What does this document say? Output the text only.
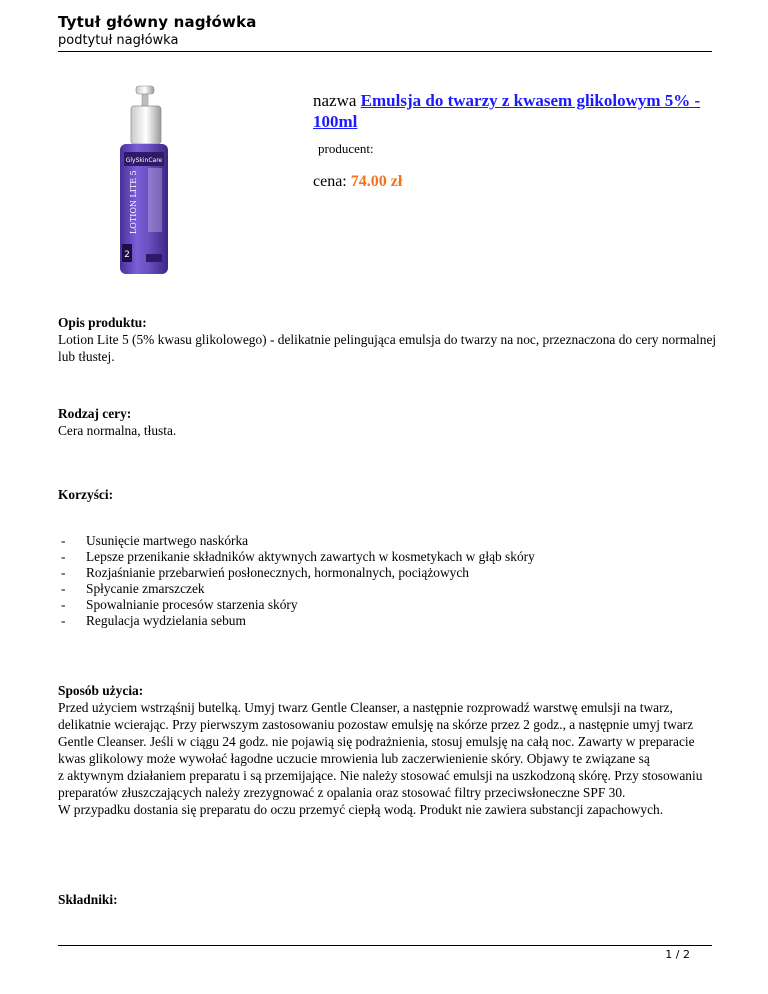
Tytuł główny nagłówka
podtytuł nagłówka
GlySkinCare
LOTION LITE 5
2
nazwa Emulsja do twarzy z kwasem glikolowym 5% - 100ml
producent:
cena: 74.00 zł
Opis produktu:

Lotion Lite 5 (5% kwasu glikolowego) - delikatnie pelingująca emulsja do twarzy na noc, przeznaczona do cery normalnej lub tłustej.

Rodzaj cery:

Cera normalna, tłusta.

Korzyści:
- Usunięcie martwego naskórka
- Lepsze przenikanie składników aktywnych zawartych w kosmetykach w głąb skóry
- Rozjaśnianie przebarwień posłonecznych, hormonalnych, pociążowych
- Spłycanie zmarszczek
- Spowalnianie procesów starzenia skóry
- Regulacja wydzielania sebum
Sposób użycia:

Przed użyciem wstrząśnij butelką. Umyj twarz Gentle Cleanser, a następnie rozprowadź warstwę emulsji na twarz, delikatnie wcierając. Przy pierwszym zastosowaniu pozostaw emulsję na skórze przez 2 godz., a następnie umyj twarz Gentle Cleanser. Jeśli w ciągu 24 godz. nie pojawią się podrażnienia, stosuj emulsję na całą noc. Zawarty w preparacie kwas glikolowy może wywołać łagodne uczucie mrowienia lub zaczerwienienie skóry. Objawy te związane są

z aktywnym działaniem preparatu i są przemijające. Nie należy stosować emulsji na uszkodzoną skórę. Przy stosowaniu preparatów złuszczających należy zrezygnować z opalania oraz stosować filtry przeciwsłoneczne SPF 30.

W przypadku dostania się preparatu do oczu przemyć ciepłą wodą. Produkt nie zawiera substancji zapachowych.

Składniki:
1 / 2
